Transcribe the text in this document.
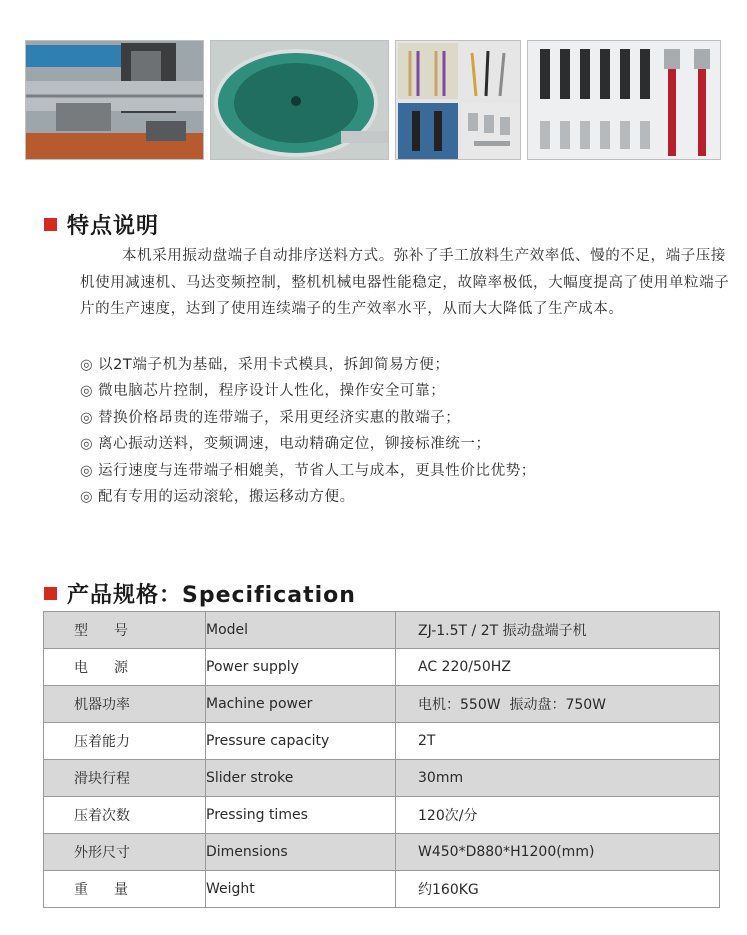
特点说明
本机采用振动盘端子自动排序送料方式。弥补了手工放料生产效率低、慢的不足，端子压接机使用减速机、马达变频控制，整机机械电器性能稳定，故障率极低，大幅度提高了使用单粒端子片的生产速度，达到了使用连续端子的生产效率水平，从而大大降低了生产成本。
◎ 以2T端子机为基础，采用卡式模具，拆卸简易方便；
◎ 微电脑芯片控制，程序设计人性化，操作安全可靠；
◎ 替换价格昂贵的连带端子，采用更经济实惠的散端子；
◎ 离心振动送料，变频调速，电动精确定位，铆接标准统一；
◎ 运行速度与连带端子相媲美，节省人工与成本，更具性价比优势；
◎ 配有专用的运动滚轮，搬运移动方便。
产品规格：Specification
型号	Model	ZJ-1.5T / 2T 振动盘端子机
电源	Power supply	AC 220/50HZ
机器功率	Machine power	电机：550W  振动盘：750W
压着能力	Pressure capacity	2T
滑块行程	Slider stroke	30mm
压着次数	Pressing times	120次/分
外形尺寸	Dimensions	W450*D880*H1200(mm)
重量	Weight	约160KG
